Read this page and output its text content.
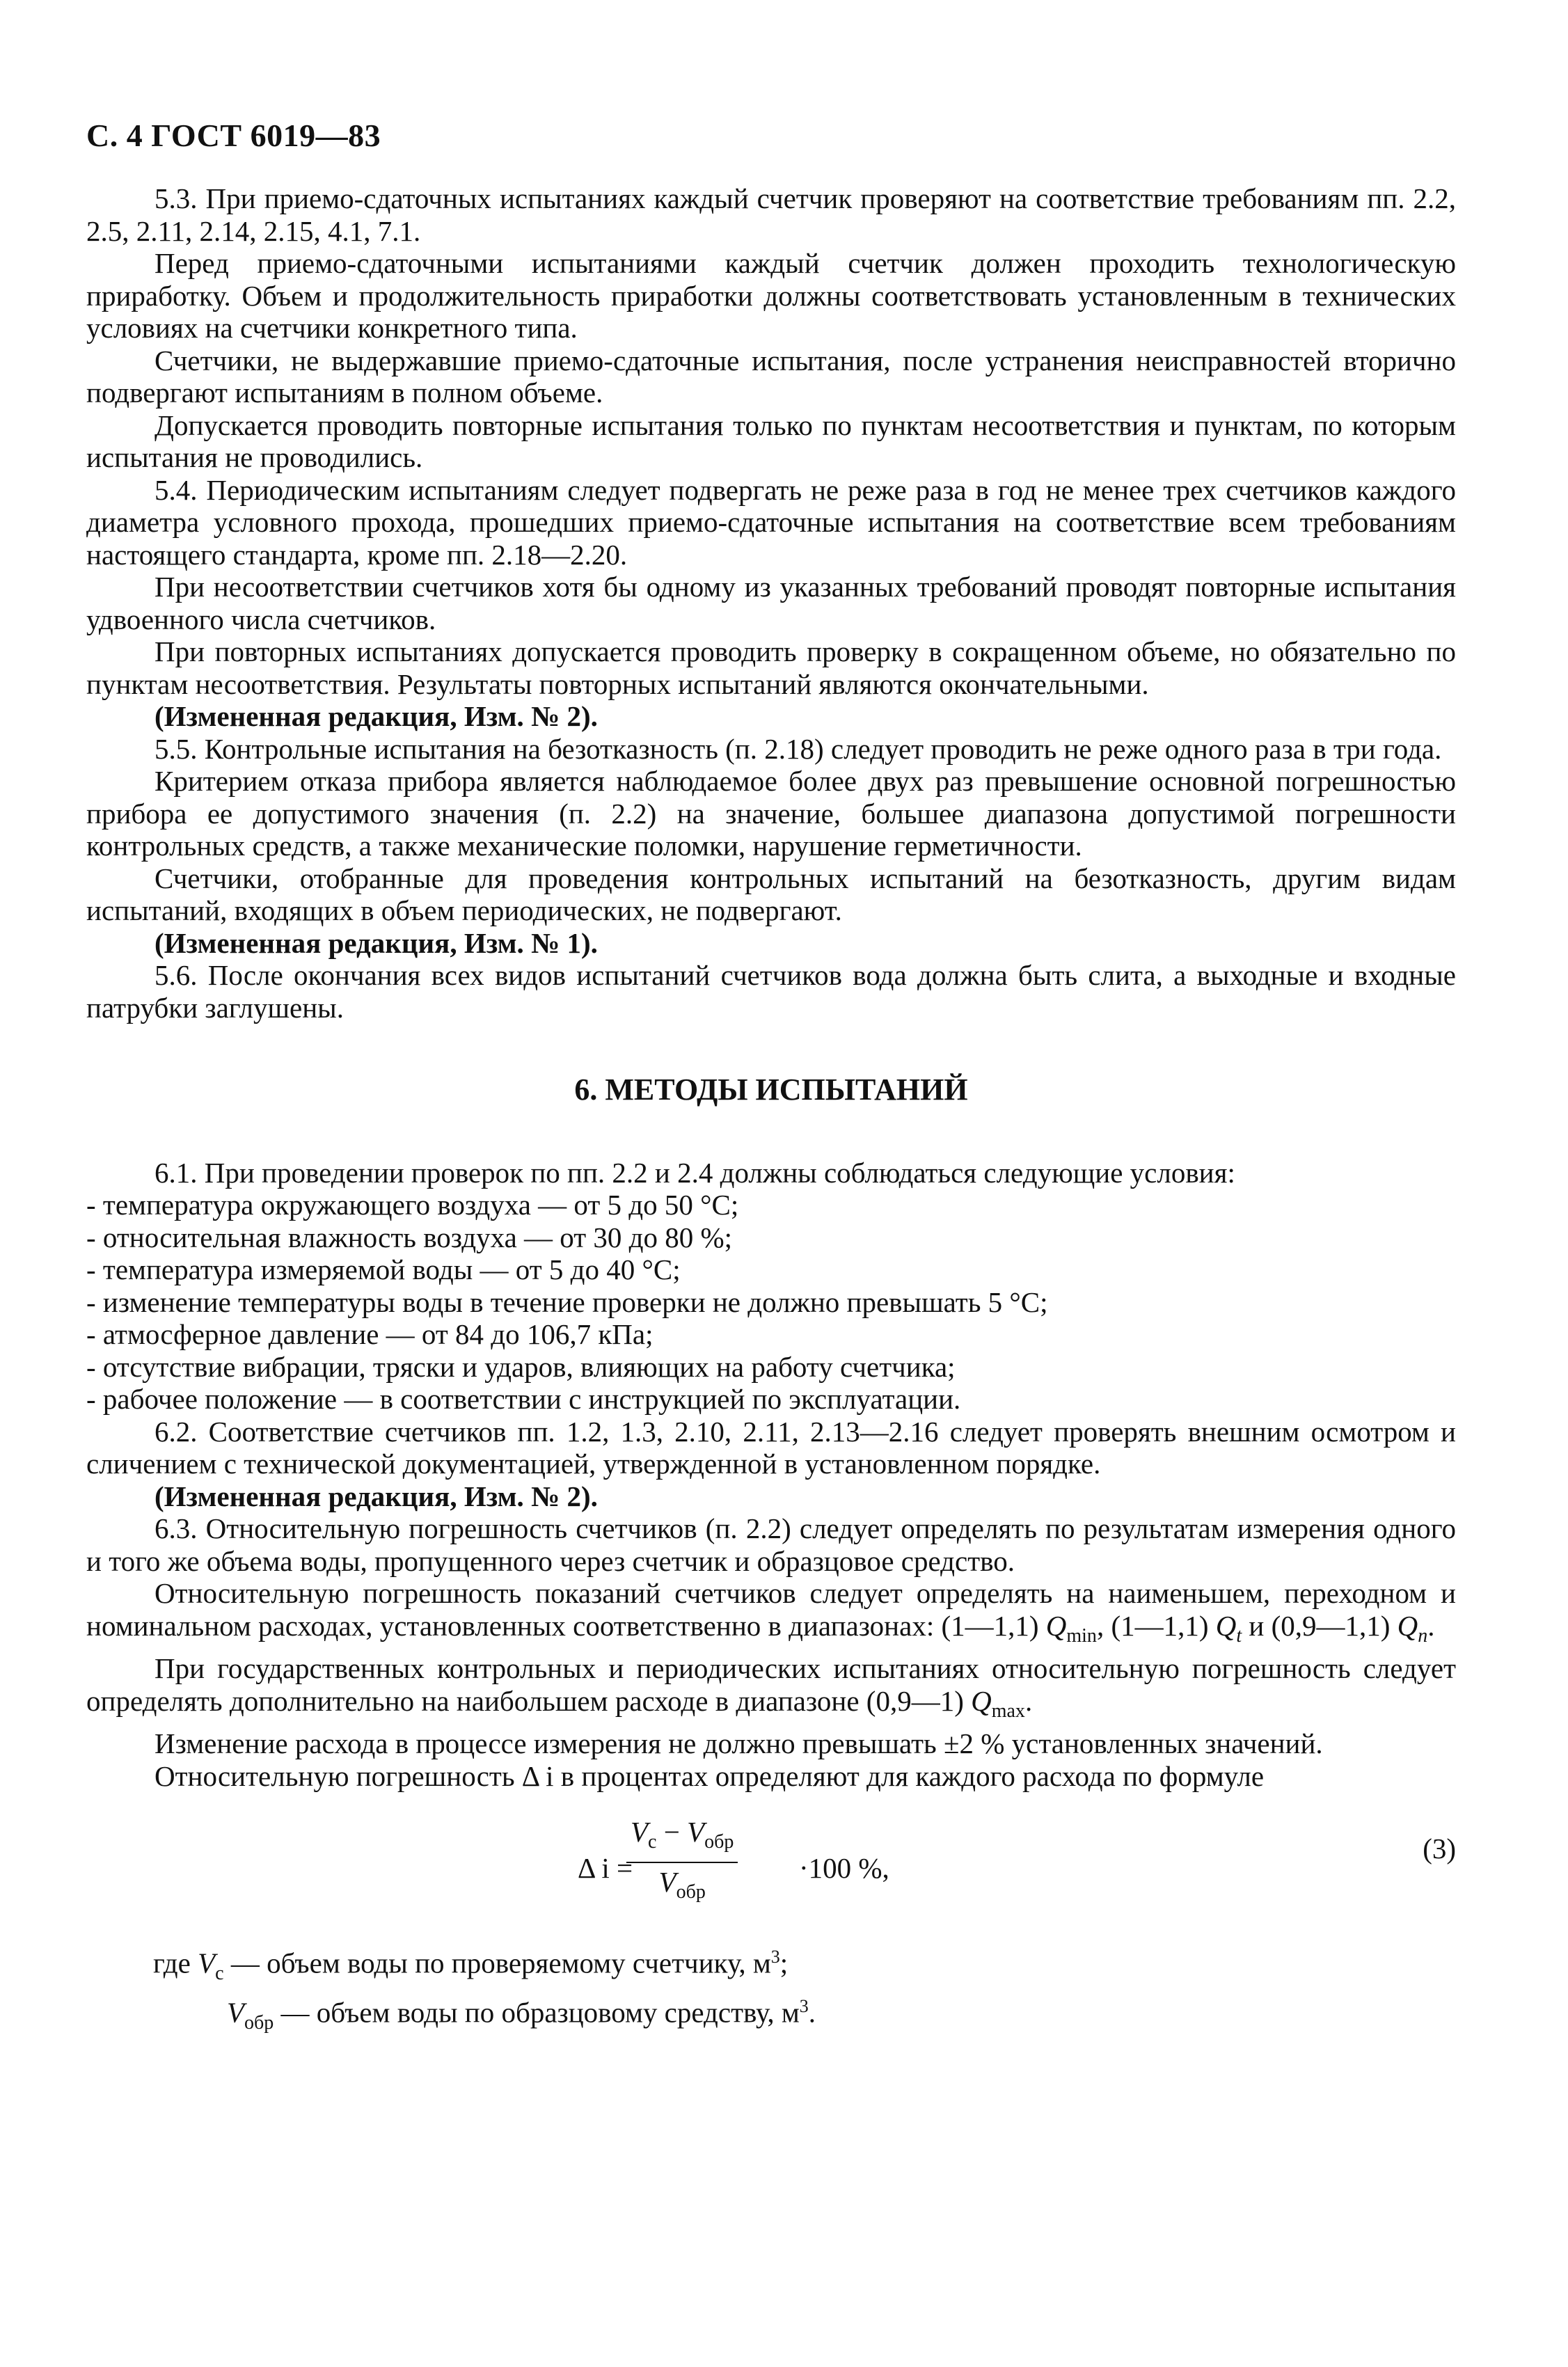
С. 4 ГОСТ 6019—83

5.3. При приемо-сдаточных испытаниях каждый счетчик проверяют на соответствие требованиям пп. 2.2, 2.5, 2.11, 2.14, 2.15, 4.1, 7.1.

Перед приемо-сдаточными испытаниями каждый счетчик должен проходить технологическую приработку. Объем и продолжительность приработки должны соответствовать установленным в технических условиях на счетчики конкретного типа.

Счетчики, не выдержавшие приемо-сдаточные испытания, после устранения неисправностей вторично подвергают испытаниям в полном объеме.

Допускается проводить повторные испытания только по пунктам несоответствия и пунктам, по которым испытания не проводились.

5.4. Периодическим испытаниям следует подвергать не реже раза в год не менее трех счетчиков каждого диаметра условного прохода, прошедших приемо-сдаточные испытания на соответствие всем требованиям настоящего стандарта, кроме пп. 2.18—2.20.

При несоответствии счетчиков хотя бы одному из указанных требований проводят повторные испытания удвоенного числа счетчиков.

При повторных испытаниях допускается проводить проверку в сокращенном объеме, но обязательно по пунктам несоответствия. Результаты повторных испытаний являются окончательными.

(Измененная редакция, Изм. № 2).

5.5. Контрольные испытания на безотказность (п. 2.18) следует проводить не реже одного раза в три года.

Критерием отказа прибора является наблюдаемое более двух раз превышение основной погрешностью прибора ее допустимого значения (п. 2.2) на значение, большее диапазона допустимой погрешности контрольных средств, а также механические поломки, нарушение герметичности.

Счетчики, отобранные для проведения контрольных испытаний на безотказность, другим видам испытаний, входящих в объем периодических, не подвергают.

(Измененная редакция, Изм. № 1).

5.6. После окончания всех видов испытаний счетчиков вода должна быть слита, а выходные и входные патрубки заглушены.

6. МЕТОДЫ ИСПЫТАНИЙ

6.1. При проведении проверок по пп. 2.2 и 2.4 должны соблюдаться следующие условия:

- температура окружающего воздуха — от 5 до 50 °С;

- относительная влажность воздуха — от 30 до 80 %;

- температура измеряемой воды — от 5 до 40 °С;

- изменение температуры воды в течение проверки не должно превышать 5 °С;

- атмосферное давление — от 84 до 106,7 кПа;

- отсутствие вибрации, тряски и ударов, влияющих на работу счетчика;

- рабочее положение — в соответствии с инструкцией по эксплуатации.

6.2. Соответствие счетчиков пп. 1.2, 1.3, 2.10, 2.11, 2.13—2.16 следует проверять внешним осмотром и сличением с технической документацией, утвержденной в установленном порядке.

(Измененная редакция, Изм. № 2).

6.3. Относительную погрешность счетчиков (п. 2.2) следует определять по результатам измерения одного и того же объема воды, пропущенного через счетчик и образцовое средство.

Относительную погрешность показаний счетчиков следует определять на наименьшем, переходном и номинальном расходах, установленных соответственно в диапазонах: (1—1,1) $Q_{min}$, (1—1,1) $Q_t$ и (0,9—1,1) $Q_n$.

При государственных контрольных и периодических испытаниях относительную погрешность следует определять дополнительно на наибольшем расходе в диапазоне (0,9—1) $Q_{max}$.

Изменение расхода в процессе измерения не должно превышать ±2 % установленных значений.

Относительную погрешность Δ i в процентах определяют для каждого расхода по формуле

Δ i =
$V_c - V_{обр}$
$V_{обр}$
·100 %,
(3)
где $V_c$ — объем воды по проверяемому счетчику, $м^3$;
$V_{обр}$ — объем воды по образцовому средству, $м^3$.
